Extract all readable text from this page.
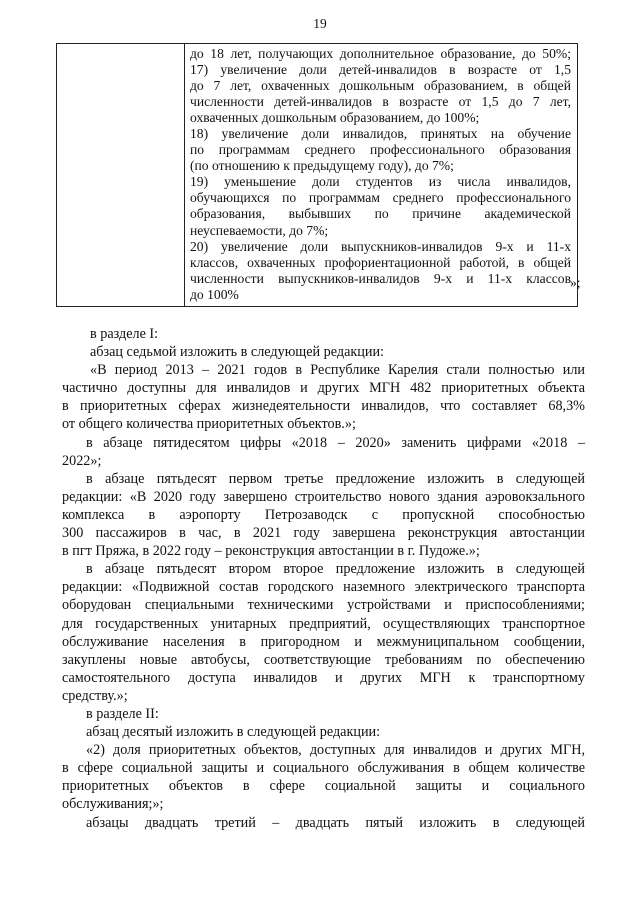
19
до 18 лет, получающих дополнительное образование, до 50%;
17) увеличение доли детей-инвалидов в возрасте от 1,5
до 7 лет, охваченных дошкольным образованием, в общей
численности детей-инвалидов в возрасте от 1,5 до 7 лет,
охваченных дошкольным образованием, до 100%;
18) увеличение доли инвалидов, принятых на обучение
по программам среднего профессионального образования
(по отношению к предыдущему году), до 7%;
19) уменьшение доли студентов из числа инвалидов,
обучающихся по программам среднего профессионального
образования, выбывших по причине академической
неуспеваемости, до 7%;
20) увеличение доли выпускников-инвалидов 9-х и 11-х
классов, охваченных профориентационной работой, в общей
численности выпускников-инвалидов 9-х и 11-х классов
до 100%
»;
в разделе I:
абзац седьмой изложить в следующей редакции:
«В период 2013 – 2021 годов в Республике Карелия стали полностью или
частично доступны для инвалидов и других МГН 482 приоритетных объекта
в приоритетных сферах жизнедеятельности инвалидов, что составляет 68,3%
от общего количества приоритетных объектов.»;
в абзаце пятидесятом цифры «2018 – 2020» заменить цифрами «2018 –
2022»;
в абзаце пятьдесят первом третье предложение изложить в следующей
редакции: «В 2020 году завершено строительство нового здания аэровокзального
комплекса в аэропорту Петрозаводск с пропускной способностью
300 пассажиров в час, в 2021 году завершена реконструкция автостанции
в пгт Пряжа, в 2022 году – реконструкция автостанции в г. Пудоже.»;
в абзаце пятьдесят втором второе предложение изложить в следующей
редакции: «Подвижной состав городского наземного электрического транспорта
оборудован специальными техническими устройствами и приспособлениями;
для государственных унитарных предприятий, осуществляющих транспортное
обслуживание населения в пригородном и межмуниципальном сообщении,
закуплены новые автобусы, соответствующие требованиям по обеспечению
самостоятельного доступа инвалидов и других МГН к транспортному
средству.»;
в разделе II:
абзац десятый изложить в следующей редакции:
«2) доля приоритетных объектов, доступных для инвалидов и других МГН,
в сфере социальной защиты и социального обслуживания в общем количестве
приоритетных объектов в сфере социальной защиты и социального
обслуживания;»;
абзацы двадцать третий – двадцать пятый изложить в следующей
